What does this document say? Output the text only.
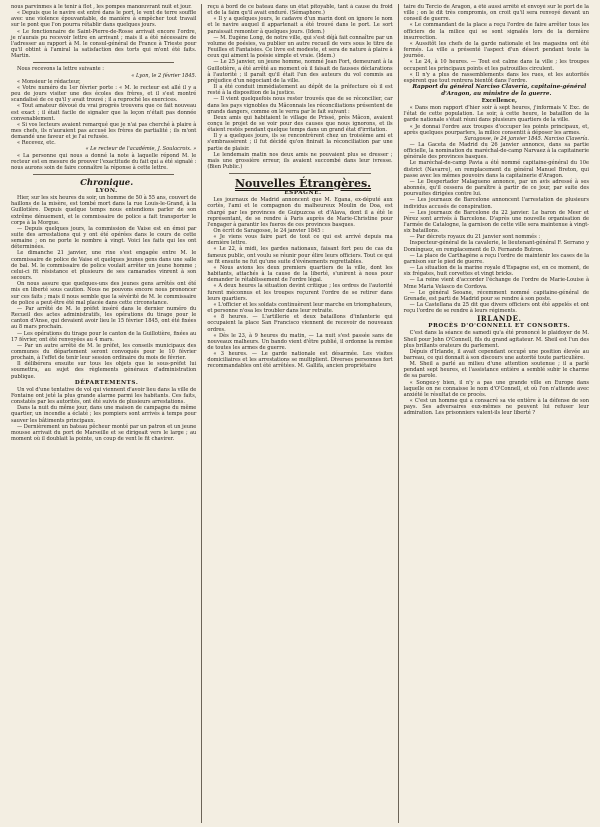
nous parvinmes à le tenir à flot , les pompes manœuvrant nuit et jour.

« Depuis que le navire est entré dans le port, le vent de terre souffle avec une violence épouvantable, de manière à empêcher tout travail sur le pont que l'on pourra rétablir dans quelques jours.

« Le fonctionnaire de Saint-Pierre-de-Rosse arrivait encore l'ordre, je n'aurais pu recevoir lettre en arrivant ; mais il a été nécessaire de l'adresser au rapport à M. le consul-général de France à Trieste pour qu'il obtint à l'amiral la satisfaction des torts qui m'ont été faits. Martin.

Nous recevons la lettre suivante :

« Lyon, le 2 février 1845.

« Monsieur le rédacteur,

« Votre numéro du 1er février porte : « M. le recteur est allé il y a peu de jours visiter une des écoles des frères, et il s'est montré scandalisé de ce qu'il y avait trouvé ; il a reproché les exercices.

« Tout amateur dévoué du vrai progrès trouvera que ce fait nouveau est exact ; il était facile de signaler que la leçon n'était pas donnée convenablement.

« Si vos lecteurs avaient remarqué que je n'ai pas cherché à plaire à mes chefs, ils n'auraient pas accusé les frères de partialité ; ils m'ont demandé une faveur et je l'ai refusée.

« Recevez, etc.

« Le recteur de l'académie, J. Soulacroix. »

« La personne qui nous a donné la note à laquelle répond M. le recteur est en mesure de prouver l'exactitude du fait qui a été signalé : nous aurons soin de faire connaître la réponse à cette lettre.

Chronique.

LYON.

Hier, sur les six heures du soir, un homme de 50 à 55 ans, couvert de haillons de la misère, est tombé mort dans la rue Louis-le-Grand, à la Guillotière. Depuis quelque temps nous entendions parler de son extrême dénuement, et le commissaire de police a fait transporter le corps à la Morgue.

— Depuis quelques jours, la commission de Vaise est en émoi par suite des arrestations qui y ont été opérées dans le cours de cette semaine ; on ne porte le nombre à vingt. Voici les faits qui les ont déterminées.

Le dimanche 21 janvier, une rixe s'est engagée entre M. le commissaire de police de Vaise et quelques jeunes gens dans une salle de bal. M. le commissaire de police voulait arrêter un jeune homme ; celui-ci fit résistance et plusieurs de ses camarades vinrent à son secours.

On nous assure que quelques-uns des jeunes gens arrêtés ont été mis en liberté sous caution. Nous ne pouvons encore nous prononcer sur ces faits ; mais il nous semble que la sévérité de M. le commissaire de police a peut-être été mal placée dans cette circonstance.

— Par arrêté de M. le préfet inséré dans le dernier numéro du Recueil des actes administratifs, les opérations du tirage pour le canton d'Anse, qui devaient avoir lieu le 15 février 1845, ont été fixées au 8 mars prochain.

— Les opérations du tirage pour le canton de la Guillotière, fixées au 17 février, ont été renvoyées au 4 mars.

— Par un autre arrêté de M. le préfet, les conseils municipaux des communes du département seront convoqués pour le 10 février prochain, à l'effet de tenir leur session ordinaire du mois de février.

Il délibérera ensuite sur tous les objets que le sous-préfet lui soumettra, au sujet des règlements généraux d'administration publique.

DÉPARTEMENTS.

Un vol d'une tentative de vol qui viennent d'avoir lieu dans la ville de Fontaine ont jeté la plus grande alarme parmi les habitants. Ces faits, constatés par les autorités, ont été suivis de plusieurs arrestations.

Dans la nuit du même jour, dans une maison de campagne du même quartier, un incendie a éclaté ; les pompiers sont arrivés à temps pour sauver les bâtiments principaux.

— Dernièrement un bateau pêcheur monté par un patron et un jeune mousse arrivait du port de Marseille et se dirigeait vers le large ; au moment où il doublait la pointe, un coup de vent le fit chavirer.

reçu à bord de ce bateau dans un état pitoyable, tant à cause du froid et de la faim qu'il avait enduré. (Sémaphore.)

« Il y a quelques jours, le cadavre d'un marin dont on ignore le nom et le navire auquel il appartenait a été trouvé dans le port. Le sort paraissait remonter à quelques jours. (Idem.)

— M. Eugène Long, de notre ville, qui s'est déjà fait connaître par un volume de poésies, va publier un autre recueil de vers sous le titre de Feuilles et Fantaisies. Ce livre est modeste, et sera de nature à plaire à ceux qui aiment la poésie simple et vraie. (Idem.)

— Le 25 janvier, un jeune homme, nommé Jean Fort, demeurant à la Guillotière, a été arrêté au moment où il faisait de fausses déclarations à l'autorité ; il paraît qu'il était l'un des auteurs du vol commis au préjudice d'un négociant de la ville.

Il a été conduit immédiatement au dépôt de la préfecture où il est resté à la disposition de la justice.

— Il vient quelquefois nous rester trouvés que de se réconcilier, car dans les pays vignobles du Mâconnais les réconciliations présentent de grands dangers, comme on le verra par le fait suivant :

Deux amis qui habitaient le village de Prissé, près Mâcon, avaient conçu le projet de se voir pour des causes que nous ignorons, et ils étaient restés pendant quelque temps dans un grand état d'irritation.

Il y a quelques jours, ils se rencontrèrent chez un troisième ami et s'embrassèrent ; il fut décidé qu'on finirait la réconciliation par une partie de plaisir.

Le lendemain matin nos deux amis ne pouvaient plus se dresser ; mais une grossière erreur, ils avaient succombé dans leur ivresse. (Bien Public.)

Nouvelles Étrangères.

ESPAGNE.

Les journaux de Madrid annoncent que M. Egana, ex-député aux cortès, l'ami et le compagnon du malheureux Moulin de Doa, est chargé par les provinces de Guipuzcoa et d'Alava, dont il a été le représentant, de se rendre à Paris auprès de Marie-Christine pour l'engager à garantir les fueros de ces provinces basques.

On écrit de Saragosse, le 24 janvier 1845 :

« Je viens vous faire part de tout ce qui est arrivé depuis ma dernière lettre.

« Le 22, à midi, les gardes nationaux, faisant fort peu de cas du fameux public, ont voulu se réunir pour élire leurs officiers. Tout ce qui se fit ensuite ne fut qu'une suite d'événements regrettables.

« Nous avions les deux premiers quartiers de la ville, dont les habitants, attachés à la cause de la liberté, s'unirent à nous pour demander le rétablissement de l'ordre légal.

« A deux heures la situation devint critique ; les ordres de l'autorité furent méconnus et les troupes reçurent l'ordre de se retirer dans leurs quartiers.

« L'officier et les soldats continuèrent leur marche en triomphateurs, et personne n'osa les troubler dans leur retraite.

« 8 heures. — L'artillerie et deux bataillons d'infanterie qui occupaient la place San Francisco viennent de recevoir de nouveaux ordres.

« Dès le 23, à 9 heures du matin, — La nuit s'est passée sans de nouveaux malheurs. Un bando vient d'être publié, il ordonne la remise de toutes les armes de guerre.

« 3 heures. — Le garde nationale est désarmée. Les visites domiciliaires et les arrestations se multiplient. Diverses personnes fort recommandables ont été arrêtées. M. Gallifa, ancien propriétaire

taire du Tercio de Aragon, a été aussi arrêté et envoyé sur le port de la ville ; on le dit très compromis, on croit qu'il sera renvoyé devant un conseil de guerre.

« Le commandant de la place a reçu l'ordre de faire arrêter tous les officiers de la milice qui se sont signalés lors de la dernière insurrection.

« Aussitôt les chefs de la garde nationale et les magasins ont été fermés. La ville a présenté l'aspect d'un désert pendant toute la journée.

« Le 24, à 10 heures. — Tout est calme dans la ville ; les troupes occupent les principaux points et les patrouilles circulent.

« Il n'y a plus de rassemblements dans les rues, et les autorités espèrent que tout rentrera bientôt dans l'ordre.

Rapport du général Narciso Clavería, capitaine-général d'Aragon, au ministre de la guerre.

Excellence,

« Dans mon rapport d'hier soir à sept heures, j'informais V. Exc. de l'état de cette population. Le soir, à cette heure, le bataillon de la garde nationale s'était réuni dans plusieurs quartiers de la ville.

« Je donnai l'ordre aux troupes d'occuper les points principaux, et, après quelques pourparlers, la milice consentit à déposer les armes.

Saragosse, le 24 janvier 1845. Narciso Clavería.

— La Gaceta de Madrid du 26 janvier annonce, dans sa partie officielle, la nomination du maréchal-de-camp Narvaez à la capitainerie générale des provinces basques.

Le maréchal-de-camp Pavia a été nommé capitaine-général du 10e district (Navarre), en remplacement du général Manuel Breton, qui passe avec les mêmes pouvoirs dans la capitainerie d'Aragon.

— Le Despertador Malagueno annonce, par un avis adressé à ses abonnés, qu'il cessera de paraître à partir de ce jour, par suite des poursuites dirigées contre lui.

— Les journaux de Barcelone annoncent l'arrestation de plusieurs individus accusés de conspiration.

— Les journaux de Barcelone du 22 janvier. Le baron de Meer et Pérez sont arrivés à Barcelone. D'après une nouvelle organisation de l'armée de Catalogne, la garnison de cette ville sera maintenue à vingt-six bataillons.

— Par décrets royaux du 21 janvier sont nommés :

Inspecteur-général de la cavalerie, le lieutenant-général F. Serrano y Domínguez, en remplacement de D. Fernando Butron.

— La place de Carthagène a reçu l'ordre de maintenir les cases de la garnison sur le pied de guerre.

— La situation de la marine royale d'Espagne est, en ce moment, de six frégates, huit corvettes et vingt bricks.

— La reine vient d'accorder l'échange de l'ordre de Marie-Louise à Mme Maria Velasco de Cordova.

— Le général Seoane, récemment nommé capitaine-général de Grenade, est parti de Madrid pour se rendre à son poste.

— La Castellana du 25 dit que divers officiers ont été appelés et ont reçu l'ordre de se rendre à leurs régiments.

IRLANDE.

PROCÈS D'O'CONNELL ET CONSORTS.

C'est dans la séance de samedi qu'a été prononcé le plaidoyer de M. Sheil pour John O'Connell, fils du grand agitateur. M. Sheil est l'un des plus brillants orateurs du parlement.

Dépuis d'Irlande, il avait cependant occupé une position élevée au barreau, ce qui donnait à son discours une autorité toute particulière.

M. Sheil a parlé au milieu d'une attention soutenue ; il a parlé pendant sept heures, et l'assistance entière a semblé subir le charme de sa parole.

« Songez-y bien, il n'y a pas une grande ville en Europe dans laquelle on ne connaisse le nom d'O'Connell, et où l'on n'attende avec anxiété le résultat de ce procès.

« C'est un homme qui a consacré sa vie entière à la défense de son pays. Ses adversaires eux-mêmes ne peuvent lui refuser leur admiration. Les prisonniers valent-ils leur liberté ?
